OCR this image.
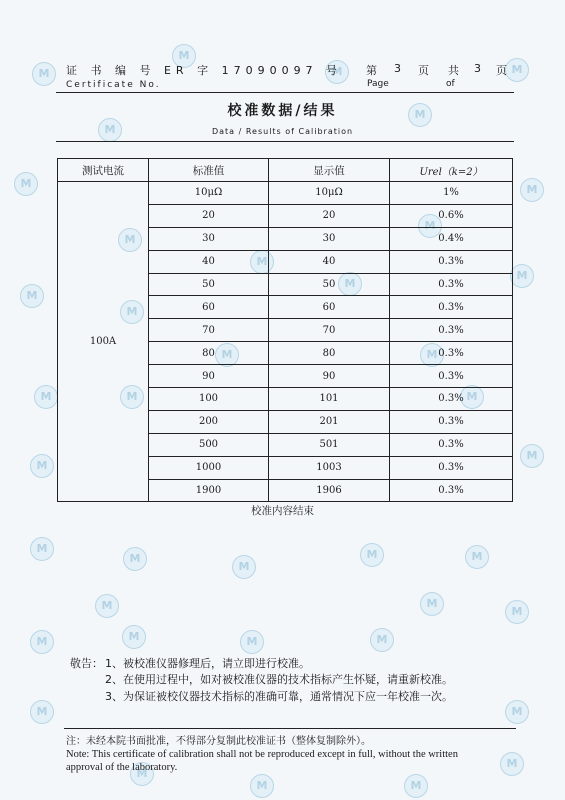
M
M
M
M
M
M
M
M
M
M
M
M
M
M
M
M
M
M
M
M
M
M
M
M
M
M
M
M
M
M
M
M
M
M
M
M
M
M
M
M
证 书 编 号 ER 字 17090097 号
Certificate No.
第 3 页 共 3 页
Page	of
校准数据/结果
Data / Results of Calibration
测试电流	标准值	显示值	Urel（k=2）
100A	10μΩ	10μΩ	1%
	20	20	0.6%
	30	30	0.4%
	40	40	0.3%
	50	50	0.3%
	60	60	0.3%
	70	70	0.3%
	80	80	0.3%
	90	90	0.3%
	100	101	0.3%
	200	201	0.3%
	500	501	0.3%
	1000	1003	0.3%
	1900	1906	0.3%
校准内容结束
敬告： 1、被校准仪器修理后，请立即进行校准。
2、在使用过程中，如对被校准仪器的技术指标产生怀疑，请重新校准。
3、为保证被校仪器技术指标的准确可靠，通常情况下应一年校准一次。
注：未经本院书面批准，不得部分复制此校准证书（整体复制除外）。
Note: This certificate of calibration shall not be reproduced except in full, without the written
approval of the laboratory.
